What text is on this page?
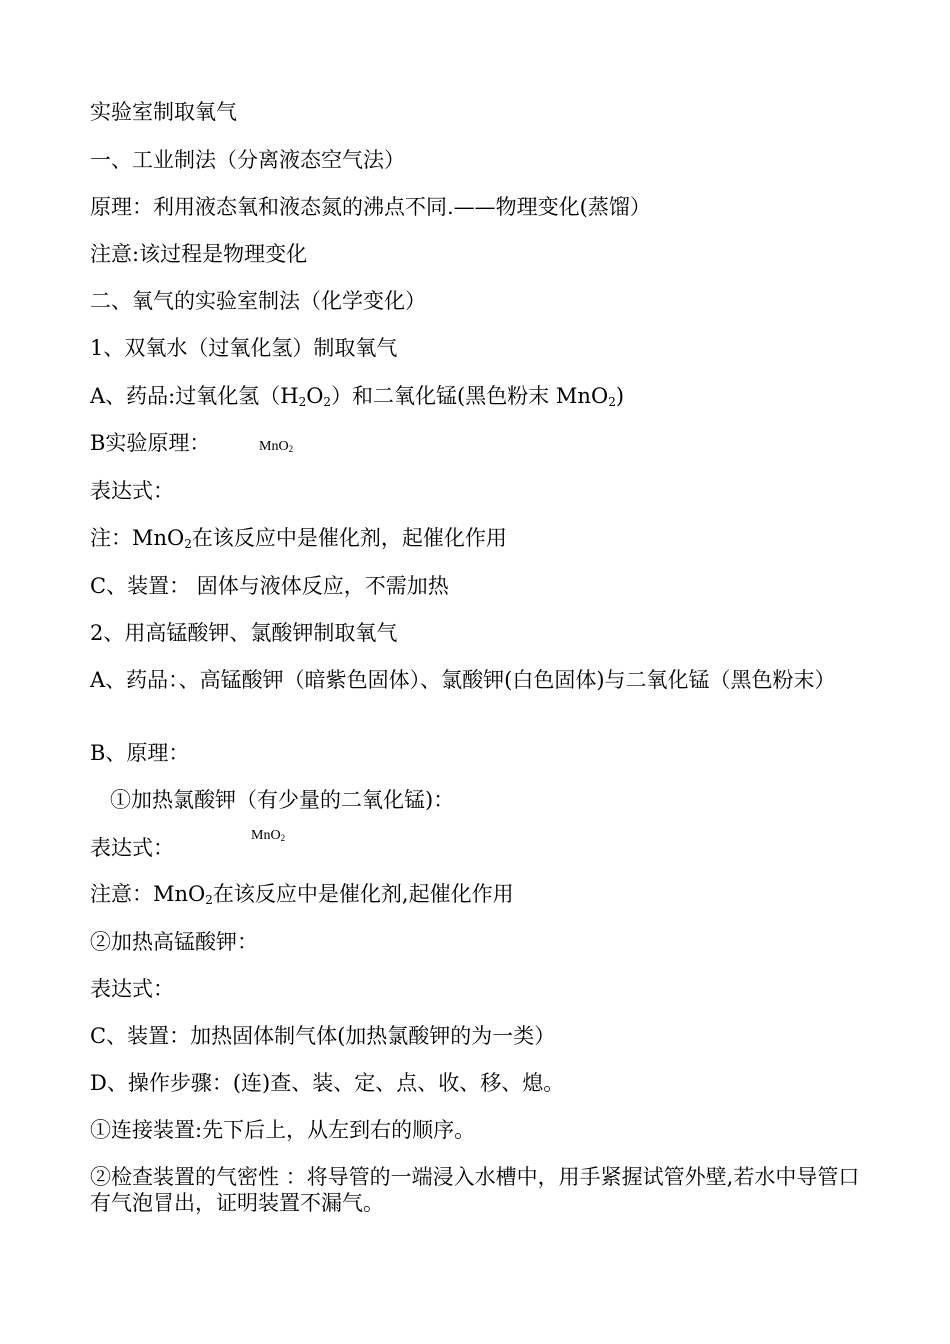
实验室制取氧气
一、工业制法（分离液态空气法）
原理：利用液态氧和液态氮的沸点不同.——物理变化(蒸馏）
注意:该过程是物理变化
二、氧气的实验室制法（化学变化）
1、双氧水（过氧化氢）制取氧气
A、药品:过氧化氢$(H_2O_2)$和二氧化锰(黑色粉末 MnO$_2$)
B实验原理：	MnO2
表达式：
注：MnO$_2$在该反应中是催化剂，起催化作用
C、装置： 固体与液体反应，不需加热
2、用高锰酸钾、氯酸钾制取氧气
A、药品：、高锰酸钾（暗紫色固体）、氯酸钾(白色固体)与二氧化锰（黑色粉末）
B、原理：
①加热氯酸钾（有少量的二氧化锰)：
MnO2
表达式：
注意：MnO$_2$在该反应中是催化剂,起催化作用
②加热高锰酸钾：
表达式：
C、装置：加热固体制气体(加热氯酸钾的为一类）
D、操作步骤：(连)查、装、定、点、收、移、熄。
①连接装置:先下后上，从左到右的顺序。
②检查装置的气密性 ：将导管的一端浸入水槽中，用手紧握试管外壁,若水中导管口有气泡冒出，证明装置不漏气。
